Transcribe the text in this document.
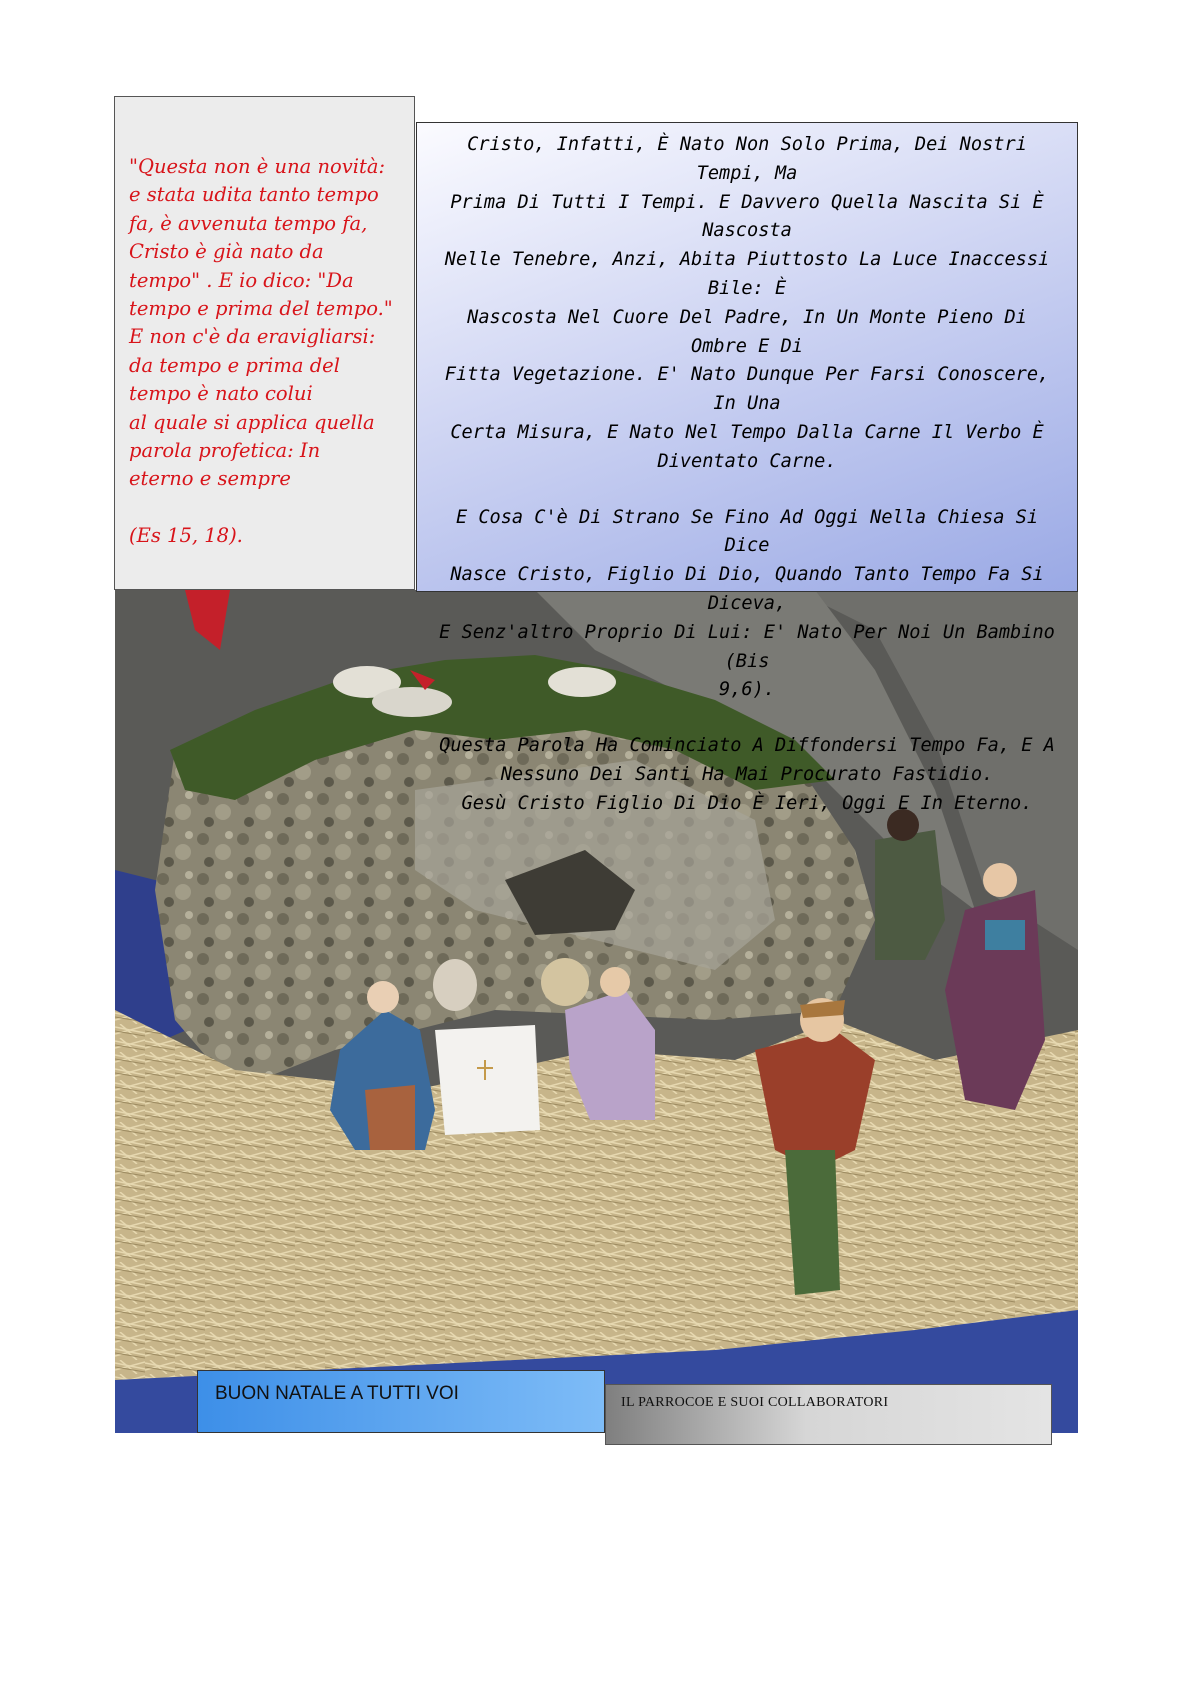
"Questa non è una novità:
e stata udita tanto tempo
fa, è avvenuta tempo fa,
Cristo è già nato da
tempo" . E io dico: "Da
tempo e prima del tempo."
E non c'è da eravigliarsi:
da tempo e prima del
tempo è nato colui
al quale si applica quella
parola profetica: In
eterno e sempre

(Es 15, 18).

Cristo, Infatti, È Nato Non Solo Prima, Dei Nostri Tempi, Ma
Prima Di Tutti I Tempi. E Davvero Quella Nascita Si È Nascosta
Nelle Tenebre, Anzi, Abita Piuttosto La Luce Inaccessi Bile: È
Nascosta Nel Cuore Del Padre, In Un Monte Pieno Di Ombre E Di
Fitta Vegetazione. E' Nato Dunque Per Farsi Conoscere, In Una
Certa Misura, E Nato Nel Tempo Dalla Carne Il Verbo È
Diventato Carne.

E Cosa C'è Di Strano Se Fino Ad Oggi Nella Chiesa Si Dice
Nasce Cristo, Figlio Di Dio, Quando Tanto Tempo Fa Si Diceva,
E Senz'altro Proprio Di Lui: E' Nato Per Noi Un Bambino (Bis
9,6).

Questa Parola Ha Cominciato A Diffondersi Tempo Fa, E A
Nessuno Dei Santi Ha Mai Procurato Fastidio.
Gesù Cristo Figlio Di Dio È Ieri, Oggi E In Eterno.

BUON NATALE A TUTTI VOI	IL PARROCOE E SUOI COLLABORATORI
